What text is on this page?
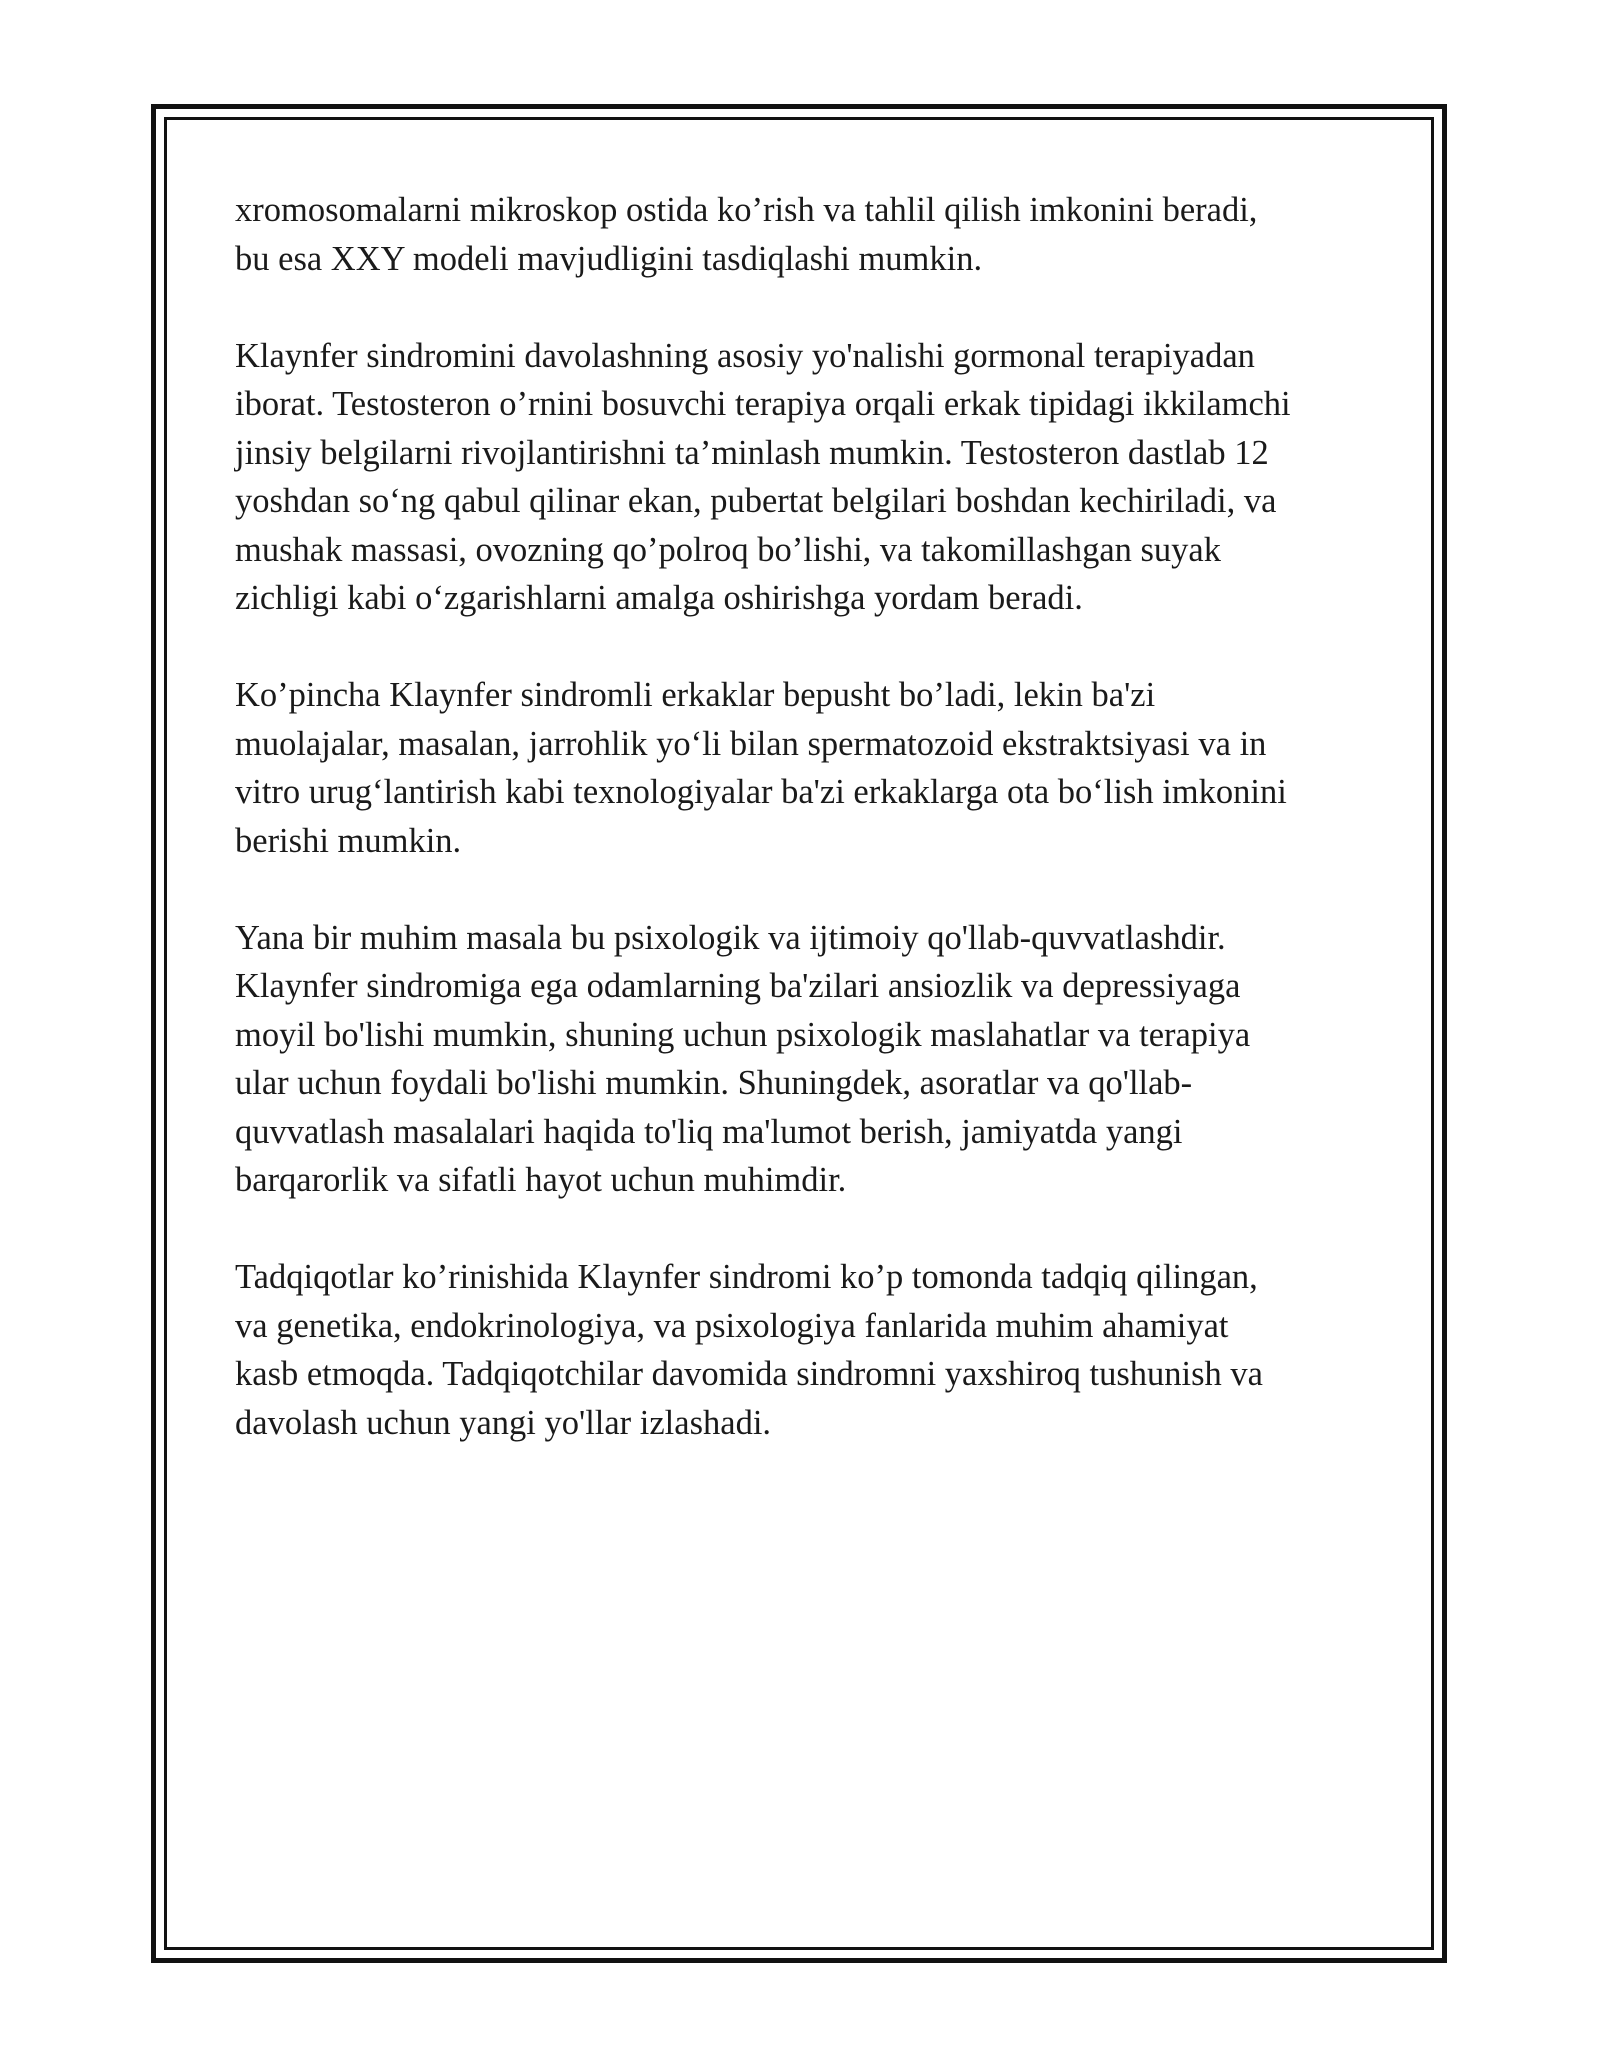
xromosomalarni mikroskop ostida ko’rish va tahlil qilish imkonini beradi,
bu esa XXY modeli mavjudligini tasdiqlashi mumkin.

Klaynfer sindromini davolashning asosiy yo'nalishi gormonal terapiyadan
iborat. Testosteron o’rnini bosuvchi terapiya orqali erkak tipidagi ikkilamchi
jinsiy belgilarni rivojlantirishni ta’minlash mumkin. Testosteron dastlab 12
yoshdan so‘ng qabul qilinar ekan, pubertat belgilari boshdan kechiriladi, va
mushak massasi, ovozning qo’polroq bo’lishi, va takomillashgan suyak
zichligi kabi o‘zgarishlarni amalga oshirishga yordam beradi.

Ko’pincha Klaynfer sindromli erkaklar bepusht bo’ladi, lekin ba'zi
muolajalar, masalan, jarrohlik yo‘li bilan spermatozoid ekstraktsiyasi va in
vitro urug‘lantirish kabi texnologiyalar ba'zi erkaklarga ota bo‘lish imkonini
berishi mumkin.

Yana bir muhim masala bu psixologik va ijtimoiy qo'llab-quvvatlashdir.
Klaynfer sindromiga ega odamlarning ba'zilari ansiozlik va depressiyaga
moyil bo'lishi mumkin, shuning uchun psixologik maslahatlar va terapiya
ular uchun foydali bo'lishi mumkin. Shuningdek, asoratlar va qo'llab-
quvvatlash masalalari haqida to'liq ma'lumot berish, jamiyatda yangi
barqarorlik va sifatli hayot uchun muhimdir.

Tadqiqotlar ko’rinishida Klaynfer sindromi ko’p tomonda tadqiq qilingan,
va genetika, endokrinologiya, va psixologiya fanlarida muhim ahamiyat
kasb etmoqda. Tadqiqotchilar davomida sindromni yaxshiroq tushunish va
davolash uchun yangi yo'llar izlashadi.
